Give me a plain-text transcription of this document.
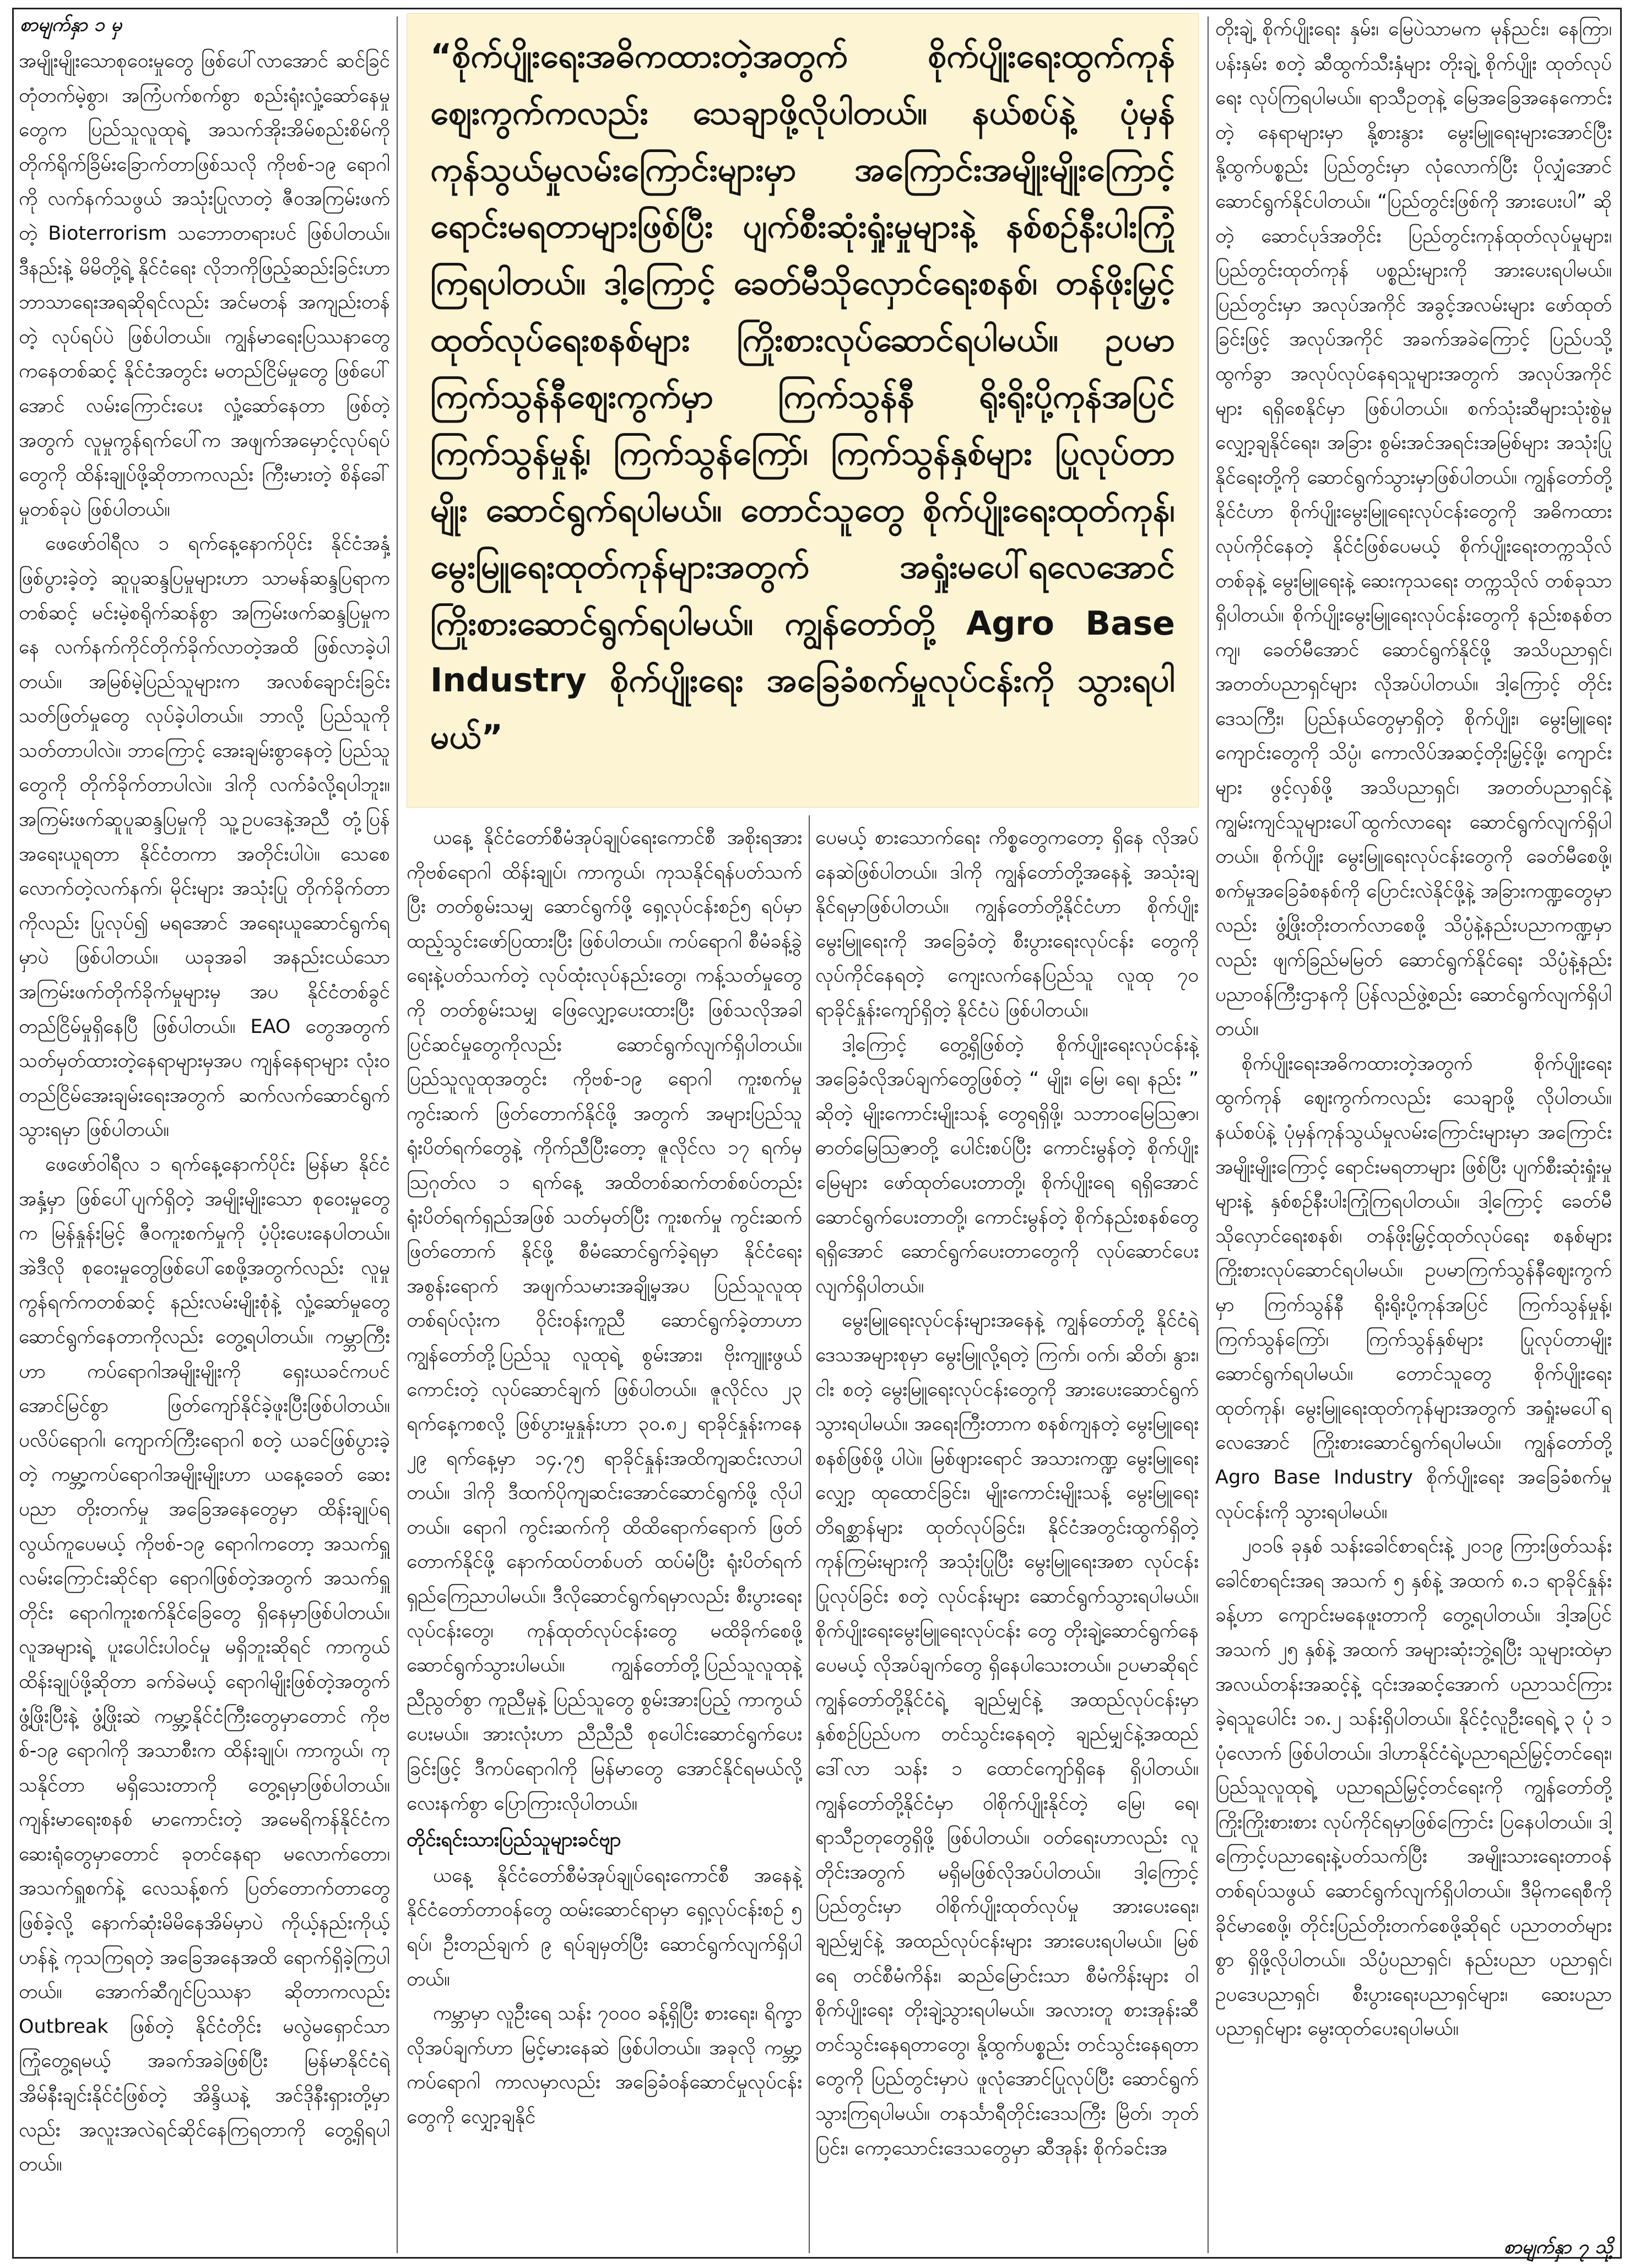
စာမျက်နှာ ၁ မှ

အမျိုးမျိုးသောစုဝေးမှုတွေ ဖြစ်ပေါ်လာအောင် ဆင်ခြင်တုံတက်မဲ့စွာ၊ အကြံပက်စက်စွာ စည်းရုံးလှုံ့ဆော်နေမှုတွေက ပြည်သူလူထုရဲ့ အသက်အိုးအိမ်စည်းစိမ်ကို တိုက်ရိုက်ခြိမ်းခြောက်တာဖြစ်သလို ကိုဗစ်-၁၉ ရောဂါကို လက်နက်သဖွယ် အသုံးပြုလာတဲ့ ဇီဝအကြမ်းဖက်တဲ့ Bioterrorism သဘောတရားပင် ဖြစ်ပါတယ်။ ဒီနည်းနဲ့ မိမိတို့ရဲ့ နိုင်ငံရေး လိုဘကိုဖြည့်ဆည်းခြင်းဟာ ဘာသာရေးအရဆိုရင်လည်း အင်မတန် အကျည်းတန်တဲ့ လုပ်ရပ်ပဲ ဖြစ်ပါတယ်။ ကျွန်မာရေးပြဿနာတွေ ကနေတစ်ဆင့် နိုင်ငံအတွင်း မတည်ငြိမ်မှုတွေ ဖြစ်ပေါ်အောင် လမ်းကြောင်းပေး လှုံ့ဆော်နေတာ ဖြစ်တဲ့အတွက် လူမှုကွန်ရက်ပေါ်က အဖျက်အမှောင့်လုပ်ရပ်တွေကို ထိန်းချုပ်ဖို့ဆိုတာကလည်း ကြီးမားတဲ့ စိန်ခေါ်မှုတစ်ခုပဲ ဖြစ်ပါတယ်။

ဖေဖော်ဝါရီလ ၁ ရက်နေ့နောက်ပိုင်း နိုင်ငံအနှံ့ ဖြစ်ပွားခဲ့တဲ့ ဆူပူဆန္ဒပြမှုများဟာ သာမန်ဆန္ဒပြရာကတစ်ဆင့် မင်းမဲ့စရိုက်ဆန်စွာ အကြမ်းဖက်ဆန္ဒပြမှုကနေ လက်နက်ကိုင်တိုက်ခိုက်လာတဲ့အထိ ဖြစ်လာခဲ့ပါတယ်။ အမြစ်မဲ့ပြည်သူများက အလစ်ချောင်းခြင်းသတ်ဖြတ်မှုတွေ လုပ်ခဲ့ပါတယ်။ ဘာလို့ ပြည်သူကို သတ်တာပါလဲ။ ဘာကြောင့် အေးချမ်းစွာနေတဲ့ ပြည်သူတွေကို တိုက်ခိုက်တာပါလဲ။ ဒါကို လက်ခံလို့ရပါဘူး။ အကြမ်းဖက်ဆူပူဆန္ဒပြမှုကို သူ့ဥပဒေနဲ့အညီ တုံ့ပြန်အရေးယူရတာ နိုင်ငံတကာ အတိုင်းပါပဲ။ သေစေလောက်တဲ့လက်နက်၊ မိုင်းများ အသုံးပြု တိုက်ခိုက်တာကိုလည်း ပြုလုပ်၍ မရအောင် အရေးယူဆောင်ရွက်ရမှာပဲ ဖြစ်ပါတယ်။ ယခုအခါ အနည်းငယ်သော အကြမ်းဖက်တိုက်ခိုက်မှုများမှ အပ နိုင်ငံတစ်ခွင် တည်ငြိမ်မှုရှိနေပြီ ဖြစ်ပါတယ်။ EAO တွေအတွက် သတ်မှတ်ထားတဲ့နေရာများမှအပ ကျန်နေရာများ လုံးဝတည်ငြိမ်အေးချမ်းရေးအတွက် ဆက်လက်ဆောင်ရွက်သွားရမှာ ဖြစ်ပါတယ်။

ဖေဖော်ဝါရီလ ၁ ရက်နေ့နောက်ပိုင်း မြန်မာ နိုင်ငံအနှံ့မှာ ဖြစ်ပေါ်ပျက်ရှိတဲ့ အမျိုးမျိုးသော စုဝေးမှုတွေက မြန်နှုန်းမြင့် ဇီဝကူးစက်မှုကို ပံ့ပိုးပေးနေပါတယ်။ အဲဒီလို စုဝေးမှုတွေဖြစ်ပေါ်စေဖို့အတွက်လည်း လူမှုကွန်ရက်ကတစ်ဆင့် နည်းလမ်းမျိုးစုံနဲ့ လှုံ့ဆော်မှုတွေ ဆောင်ရွက်နေတာကိုလည်း တွေ့ရပါတယ်။ ကမ္ဘာကြီးဟာ ကပ်ရောဂါအမျိုးမျိုးကို ရှေးယခင်ကပင် အောင်မြင်စွာ ဖြတ်ကျော်နိုင်ခဲ့ဖူးပြီးဖြစ်ပါတယ်။ ပလိပ်ရောဂါ၊ ကျောက်ကြီးရောဂါ စတဲ့ ယခင်ဖြစ်ပွားခဲ့တဲ့ ကမ္ဘာ့ကပ်ရောဂါအမျိုးမျိုးဟာ ယနေ့ခေတ် ဆေးပညာ တိုးတက်မှု အခြေအနေတွေမှာ ထိန်းချုပ်ရ လွယ်ကူပေမယ့် ကိုဗစ်-၁၉ ရောဂါကတော့ အသက်ရှူလမ်းကြောင်းဆိုင်ရာ ရောဂါဖြစ်တဲ့အတွက် အသက်ရှူတိုင်း ရောဂါကူးစက်နိုင်ခြေတွေ ရှိနေမှာဖြစ်ပါတယ်။ လူအများရဲ့ ပူးပေါင်းပါဝင်မှု မရှိဘူးဆိုရင် ကာကွယ်ထိန်းချုပ်ဖို့ဆိုတာ ခက်ခဲမယ့် ရောဂါမျိုးဖြစ်တဲ့အတွက် ဖွံ့ဖြိုးပြီးနဲ့ ဖွံ့ဖြိုးဆဲ ကမ္ဘာ့နိုင်ငံကြီးတွေမှာတောင် ကိုဗစ်-၁၉ ရောဂါကို အသာစီးက ထိန်းချုပ်၊ ကာကွယ်၊ ကုသနိုင်တာ မရှိသေးတာကို တွေ့ရမှာဖြစ်ပါတယ်။ ကျန်းမာရေးစနစ် မာကောင်းတဲ့ အမေရိကန်နိုင်ငံက ဆေးရုံတွေမှာတောင် ခုတင်နေရာ မလောက်တော၊ အသက်ရှူစက်နဲ့ လေသန့်စက် ပြတ်တောက်တာတွေ ဖြစ်ခဲ့လို့ နောက်ဆုံးမိမိနေအိမ်မှာပဲ ကိုယ့်နည်းကိုယ့်ဟန်နဲ့ ကုသကြရတဲ့ အခြေအနေအထိ ရောက်ရှိခဲ့ကြပါတယ်။ အောက်ဆီဂျင်ပြဿနာ ဆိုတာကလည်း Outbreak ဖြစ်တဲ့ နိုင်ငံတိုင်း မလွဲမရှောင်သာ ကြုံတွေ့ရမယ့် အခက်အခဲဖြစ်ပြီး မြန်မာနိုင်ငံရဲ့ အိမ်နီးချင်းနိုင်ငံဖြစ်တဲ့ အိန္ဒိယနဲ့ အင်ဒိုနီးရှားတို့မှာလည်း အလူးအလဲရင်ဆိုင်နေကြရတာကို တွေ့ရှိရပါတယ်။

“စိုက်ပျိုးရေးအဓိကထားတဲ့အတွက် စိုက်ပျိုးရေးထွက်ကုန် ဈေးကွက်ကလည်း သေချာဖို့လိုပါတယ်။ နယ်စပ်နဲ့ ပုံမှန်ကုန်သွယ်မှုလမ်းကြောင်းများမှာ အကြောင်းအမျိုးမျိုးကြောင့် ရောင်းမရတာများဖြစ်ပြီး ပျက်စီးဆုံးရှုံးမှုများနဲ့ နစ်စဉ်နီးပါးကြုံကြရပါတယ်။ ဒါ့ကြောင့် ခေတ်မီသိုလှောင်ရေးစနစ်၊ တန်ဖိုးမြှင့်ထုတ်လုပ်ရေးစနစ်များ ကြိုးစားလုပ်ဆောင်ရပါမယ်။ ဥပမာ ကြက်သွန်နီဈေးကွက်မှာ ကြက်သွန်နီ ရိုးရိုးပို့ကုန်အပြင် ကြက်သွန်မှုန့်၊ ကြက်သွန်ကြော်၊ ကြက်သွန်နှစ်များ ပြုလုပ်တာမျိုး ဆောင်ရွက်ရပါမယ်။ တောင်သူတွေ စိုက်ပျိုးရေးထုတ်ကုန်၊ မွေးမြူရေးထုတ်ကုန်များအတွက် အရှုံးမပေါ်ရလေအောင် ကြိုးစားဆောင်ရွက်ရပါမယ်။ ကျွန်တော်တို့ Agro Base Industry စိုက်ပျိုးရေး အခြေခံစက်မှုလုပ်ငန်းကို သွားရပါမယ်”

ယနေ့ နိုင်ငံတော်စီမံအုပ်ချုပ်ရေးကောင်စီ အစိုးရအား ကိုဗစ်ရောဂါ ထိန်းချုပ်၊ ကာကွယ်၊ ကုသနိုင်ရန်ပတ်သက်ပြီး တတ်စွမ်းသမျှ ဆောင်ရွက်ဖို့ ရှေ့လုပ်ငန်းစဉ်၅ ရပ်မှာ ထည့်သွင်းဖော်ပြထားပြီး ဖြစ်ပါတယ်။ ကပ်ရောဂါ စီမံခန့်ခွဲရေးနဲ့ပတ်သက်တဲ့ လုပ်ထုံးလုပ်နည်းတွေ၊ ကန့်သတ်မှုတွေကို တတ်စွမ်းသမျှ ဖြေလျှော့ပေးထားပြီး ဖြစ်သလိုအခါ ပြင်ဆင်မှုတွေကိုလည်း ဆောင်ရွက်လျက်ရှိပါတယ်။ ပြည်သူလူထုအတွင်း ကိုဗစ်-၁၉ ရောဂါ ကူးစက်မှုကွင်းဆက် ဖြတ်တောက်နိုင်ဖို့ အတွက် အများပြည်သူ ရုံးပိတ်ရက်တွေနဲ့ ကိုက်ညီပြီးတော့ ဇူလိုင်လ ၁၇ ရက်မှ ဩဂုတ်လ ၁ ရက်နေ့ အထိတစ်ဆက်တစ်စပ်တည်း ရုံးပိတ်ရက်ရှည်အဖြစ် သတ်မှတ်ပြီး ကူးစက်မှု ကွင်းဆက်ဖြတ်တောက် နိုင်ဖို့ စီမံဆောင်ရွက်ခဲ့ရမှာ နိုင်ငံရေးအစွန်းရောက် အဖျက်သမားအချို့မှအပ ပြည်သူလူထုတစ်ရပ်လုံးက ဝိုင်းဝန်းကူညီ ဆောင်ရွက်ခဲ့တာဟာ ကျွန်တော်တို့ပြည်သူ လူထုရဲ့ စွမ်းအား၊ ဗိုးကျူးဖွယ်ကောင်းတဲ့ လုပ်ဆောင်ချက် ဖြစ်ပါတယ်။ ဇူလိုင်လ ၂၃ ရက်နေ့ကစလို့ ဖြစ်ပွားမှုနှုန်းဟာ ၃၀.၈၂ ရာခိုင်နှုန်းကနေ ၂၉ ရက်နေ့မှာ ၁၄.၇၅ ရာခိုင်နှုန်းအထိကျဆင်းလာပါတယ်။ ဒါကို ဒီထက်ပိုကျဆင်းအောင်ဆောင်ရွက်ဖို့ လိုပါတယ်။ ရောဂါ ကွင်းဆက်ကို ထိထိရောက်ရောက် ဖြတ်တောက်နိုင်ဖို့ နောက်ထပ်တစ်ပတ် ထပ်မံပြီး ရုံးပိတ်ရက်ရှည်ကြေညာပါမယ်။ ဒီလိုဆောင်ရွက်ရမှာလည်း စီးပွားရေးလုပ်ငန်းတွေ၊ ကုန်ထုတ်လုပ်ငန်းတွေ မထိခိုက်စေဖို့ ဆောင်ရွက်သွားပါမယ်။ ကျွန်တော်တို့ပြည်သူလူထုနဲ့ ညီညွတ်စွာ ကူညီမှုနဲ့ ပြည်သူတွေ စွမ်းအားပြည့် ကာကွယ်ပေးမယ်။ အားလုံးဟာ ညီညီညီ စုပေါင်းဆောင်ရွက်ပေးခြင်းဖြင့် ဒီကပ်ရောဂါကို မြန်မာတွေ အောင်နိုင်ရမယ်လို့ လေးနက်စွာ ပြောကြားလိုပါတယ်။

တိုင်းရင်းသားပြည်သူများခင်ဗျာ

ယနေ့ နိုင်ငံတော်စီမံအုပ်ချုပ်ရေးကောင်စီ အနေနဲ့ နိုင်ငံတော်တာဝန်တွေ ထမ်းဆောင်ရာမှာ ရှေ့လုပ်ငန်းစဉ် ၅ ရပ်၊ ဦးတည်ချက် ၉ ရပ်ချမှတ်ပြီး ဆောင်ရွက်လျက်ရှိပါတယ်။

ကမ္ဘာမှာ လူဦးရေ သန်း ၇၀၀၀ ခန့်ရှိပြီး စားရေး၊ ရိက္ခာလိုအပ်ချက်ဟာ မြင့်မားနေဆဲ ဖြစ်ပါတယ်။ အခုလို ကမ္ဘာ့ကပ်ရောဂါ ကာလမှာလည်း အခြေခံဝန်ဆောင်မှုလုပ်ငန်းတွေကို လျှော့ချနိုင်

ပေမယ့် စားသောက်ရေး ကိစ္စတွေကတော့ ရှိနေ လိုအပ်နေဆဲဖြစ်ပါတယ်။ ဒါကို ကျွန်တော်တို့အနေနဲ့ အသုံးချနိုင်ရမှာဖြစ်ပါတယ်။ ကျွန်တော်တို့နိုင်ငံဟာ စိုက်ပျိုးမွေးမြူရေးကို အခြေခံတဲ့ စီးပွားရေးလုပ်ငန်း တွေကို လုပ်ကိုင်နေရတဲ့ ကျေးလက်နေပြည်သူ လူထု ၇၀ ရာခိုင်နှုန်းကျော်ရှိတဲ့ နိုင်ငံပဲ ဖြစ်ပါတယ်။

ဒါ့ကြောင့် တွေ့ရှိဖြစ်တဲ့ စိုက်ပျိုးရေးလုပ်ငန်းနဲ့ အခြေခံလိုအပ်ချက်တွေဖြစ်တဲ့ “ မျိုး၊ မြေ၊ ရေ၊ နည်း ” ဆိုတဲ့ မျိုးကောင်းမျိုးသန့် တွေရရှိဖို့၊ သဘာဝမြေဩဇာ၊ ဓာတ်မြေဩဇာတို့ ပေါင်းစပ်ပြီး ကောင်းမွန်တဲ့ စိုက်ပျိုးမြေများ ဖော်ထုတ်ပေးတာတို့၊ စိုက်ပျိုးရေ ရရှိအောင် ဆောင်ရွက်ပေးတာတို့၊ ကောင်းမွန်တဲ့ စိုက်နည်းစနစ်တွေ ရရှိအောင် ဆောင်ရွက်ပေးတာတွေကို လုပ်ဆောင်ပေးလျက်ရှိပါတယ်။

မွေးမြူရေးလုပ်ငန်းများအနေနဲ့ ကျွန်တော်တို့ နိုင်ငံရဲ့ဒေသအများစုမှာ မွေးမြူလို့ရတဲ့ ကြက်၊ ဝက်၊ ဆိတ်၊ နွား၊ ငါး စတဲ့ မွေးမြူရေးလုပ်ငန်းတွေကို အားပေးဆောင်ရွက်သွားရပါမယ်။ အရေးကြီးတာက စနစ်ကျနတဲ့ မွေးမြူရေးစနစ်ဖြစ်ဖို့ ပါပဲ။ မြစ်ဖျားရောင် အသားကဏ္ဍ မွေးမြူရေးလျှော့ ထုထောင်ခြင်း၊ မျိုးကောင်းမျိုးသန့် မွေးမြူရေး တိရစ္ဆာန်များ ထုတ်လုပ်ခြင်း၊ နိုင်ငံအတွင်းထွက်ရှိတဲ့ ကုန်ကြမ်းများကို အသုံးပြုပြီး မွေးမြူရေးအစာ လုပ်ငန်းပြုလုပ်ခြင်း စတဲ့ လုပ်ငန်းများ ဆောင်ရွက်သွားရပါမယ်။ စိုက်ပျိုးရေးမွေးမြူရေးလုပ်ငန်း တွေ တိုးချဲ့ဆောင်ရွက်နေပေမယ့် လိုအပ်ချက်တွေ ရှိနေပါသေးတယ်။ ဥပမာဆိုရင် ကျွန်တော်တို့နိုင်ငံရဲ့ ချည်မျှင်နဲ့ အထည်လုပ်ငန်းမှာ နှစ်စဉ်ပြည်ပက တင်သွင်းနေရတဲ့ ချည်မျှင်နဲ့အထည် ဒေါ်လာ သန်း ၁ ထောင်ကျော်ရှိနေ ရှိပါတယ်။ ကျွန်တော်တို့နိုင်ငံမှာ ဝါစိုက်ပျိုးနိုင်တဲ့ မြေ၊ ရေ၊ ရာသီဥတုတွေရှိဖို့ ဖြစ်ပါတယ်။ ဝတ်ရေးဟာလည်း လူတိုင်းအတွက် မရှိမဖြစ်လိုအပ်ပါတယ်။ ဒါ့ကြောင့် ပြည်တွင်းမှာ ဝါစိုက်ပျိုးထုတ်လုပ်မှု အားပေးရေး၊ ချည်မျှင်နဲ့ အထည်လုပ်ငန်းများ အားပေးရပါမယ်။ မြစ်ရေ တင်စီမံကိန်း၊ ဆည်မြောင်းသာ စီမံကိန်းများ ဝါစိုက်ပျိုးရေး တိုးချဲ့သွားရပါမယ်။ အလားတူ စားအုန်းဆီ တင်သွင်းနေရတာတွေ၊ နို့ထွက်ပစ္စည်း တင်သွင်းနေရတာတွေကို ပြည်တွင်းမှာပဲ ဖူလုံအောင်ပြုလုပ်ပြီး ဆောင်ရွက်သွားကြရပါမယ်။ တနင်္သာရီတိုင်းဒေသကြီး မြိတ်၊ ဘုတ်ပြင်း၊ ကော့သောင်းဒေသတွေမှာ ဆီအုန်း စိုက်ခင်းအ

တိုးချဲ့ စိုက်ပျိုးရေး နှမ်း၊ မြေပဲသာမက မုန်ညင်း၊ နေကြာ၊ ပန်းနှမ်း စတဲ့ ဆီထွက်သီးနှံများ တိုးချဲ့ စိုက်ပျိုး ထုတ်လုပ်ရေး လုပ်ကြရပါမယ်။ ရာသီဥတုနဲ့ မြေအခြေအနေကောင်းတဲ့ နေရာများမှာ နို့စားနွား မွေးမြူရေးများအောင်ပြီး နို့ထွက်ပစ္စည်း ပြည်တွင်းမှာ လုံလောက်ပြီး ပိုလျှံအောင် ဆောင်ရွက်နိုင်ပါတယ်။ “ပြည်တွင်းဖြစ်ကို အားပေးပါ” ဆိုတဲ့ ဆောင်ပုဒ်အတိုင်း ပြည်တွင်းကုန်ထုတ်လုပ်မှုများ၊ ပြည်တွင်းထုတ်ကုန် ပစ္စည်းများကို အားပေးရပါမယ်။ ပြည်တွင်းမှာ အလုပ်အကိုင် အခွင့်အလမ်းများ ဖော်ထုတ်ခြင်းဖြင့် အလုပ်အကိုင် အခက်အခဲကြောင့် ပြည်ပသို့ ထွက်ခွာ အလုပ်လုပ်နေရသူများအတွက် အလုပ်အကိုင်များ ရရှိစေနိုင်မှာ ဖြစ်ပါတယ်။ စက်သုံးဆီများသုံးစွဲမှု လျှော့ချနိုင်ရေး၊ အခြား စွမ်းအင်အရင်းအမြစ်များ အသုံးပြုနိုင်ရေးတို့ကို ဆောင်ရွက်သွားမှာဖြစ်ပါတယ်။ ကျွန်တော်တို့နိုင်ငံဟာ စိုက်ပျိုးမွေးမြူရေးလုပ်ငန်းတွေကို အဓိကထားလုပ်ကိုင်နေတဲ့ နိုင်ငံဖြစ်ပေမယ့် စိုက်ပျိုးရေးတက္ကသိုလ် တစ်ခုနဲ့ မွေးမြူရေးနဲ့ ဆေးကုသရေး တက္ကသိုလ် တစ်ခုသာ ရှိပါတယ်။ စိုက်ပျိုးမွေးမြူရေးလုပ်ငန်းတွေကို နည်းစနစ်တကျ၊ ခေတ်မီအောင် ဆောင်ရွက်နိုင်ဖို့ အသိပညာရှင်၊ အတတ်ပညာရှင်များ လိုအပ်ပါတယ်။ ဒါ့ကြောင့် တိုင်းဒေသကြီး၊ ပြည်နယ်တွေမှာရှိတဲ့ စိုက်ပျိုး၊ မွေးမြူရေးကျောင်းတွေကို သိပ္ပံ၊ ကောလိပ်အဆင့်တိုးမြှင့်ဖို့၊ ကျောင်းများ ဖွင့်လှစ်ဖို့ အသိပညာရှင်၊ အတတ်ပညာရှင်နဲ့ ကျွမ်းကျင်သူများပေါ်ထွက်လာရေး ဆောင်ရွက်လျက်ရှိပါတယ်။ စိုက်ပျိုး မွေးမြူရေးလုပ်ငန်းတွေကို ခေတ်မီစေဖို့၊ စက်မှုအခြေခံစနစ်ကို ပြောင်းလဲနိုင်ဖို့နဲ့ အခြားကဏ္ဍတွေမှာလည်း ဖွံ့ဖြိုးတိုးတက်လာစေဖို့ သိပ္ပံနဲ့နည်းပညာကဏ္ဍမှာလည်း ဖျက်ခြည်မမြတ် ဆောင်ရွက်နိုင်ရေး သိပ္ပံနဲ့နည်းပညာဝန်ကြီးဌာနကို ပြန်လည်ဖွဲ့စည်း ဆောင်ရွက်လျက်ရှိပါတယ်။

စိုက်ပျိုးရေးအဓိကထားတဲ့အတွက် စိုက်ပျိုးရေး ထွက်ကုန် ဈေးကွက်ကလည်း သေချာဖို့ လိုပါတယ်။ နယ်စပ်နဲ့ ပုံမှန်ကုန်သွယ်မှုလမ်းကြောင်းများမှာ အကြောင်းအမျိုးမျိုးကြောင့် ရောင်းမရတာများ ဖြစ်ပြီး ပျက်စီးဆုံးရှုံးမှုများနဲ့ နှစ်စဉ်နီးပါးကြုံကြရပါတယ်။ ဒါ့ကြောင့် ခေတ်မီသိုလှောင်ရေးစနစ်၊ တန်ဖိုးမြှင့်ထုတ်လုပ်ရေး စနစ်များ ကြိုးစားလုပ်ဆောင်ရပါမယ်။ ဥပမာကြက်သွန်နီဈေးကွက်မှာ ကြက်သွန်နီ ရိုးရိုးပို့ကုန်အပြင် ကြက်သွန်မှုန့်၊ ကြက်သွန်ကြော်၊ ကြက်သွန်နှစ်များ ပြုလုပ်တာမျိုး ဆောင်ရွက်ရပါမယ်။ တောင်သူတွေ စိုက်ပျိုးရေး ထုတ်ကုန်၊ မွေးမြူရေးထုတ်ကုန်များအတွက် အရှုံးမပေါ်ရလေအောင် ကြိုးစားဆောင်ရွက်ရပါမယ်။ ကျွန်တော်တို့ Agro Base Industry စိုက်ပျိုးရေး အခြေခံစက်မှုလုပ်ငန်းကို သွားရပါမယ်။

၂၀၁၆ ခုနှစ် သန်းခေါင်စာရင်းနဲ့ ၂၀၁၉ ကြားဖြတ်သန်းခေါင်စာရင်းအရ အသက် ၅ နှစ်နဲ့ အထက် ၈.၁ ရာခိုင်နှုန်းခန့်ဟာ ကျောင်းမနေဖူးတာကို တွေ့ရပါတယ်။ ဒါ့အပြင် အသက် ၂၅ နှစ်နဲ့ အထက် အများဆုံးဘွဲ့ရပြီး သူများထဲမှာ အလယ်တန်းအဆင့်နဲ့ ၎င်းအဆင့်အောက် ပညာသင်ကြားခဲ့ရသူပေါင်း ၁၈.၂ သန်းရှိပါတယ်။ နိုင်ငံ့လူဦးရေရဲ့ ၃ ပုံ ၁ ပုံလောက် ဖြစ်ပါတယ်။ ဒါဟာနိုင်ငံရဲ့ပညာရည်မြှင့်တင်ရေး၊ ပြည်သူလူထုရဲ့ ပညာရည်မြှင့်တင်ရေးကို ကျွန်တော်တို့ ကြိုးကြိုးစားစား လုပ်ကိုင်ရမှာဖြစ်ကြောင်း ပြနေပါတယ်။ ဒါ့ကြောင့်ပညာရေးနဲ့ပတ်သက်ပြီး အမျိုးသားရေးတာဝန်တစ်ရပ်သဖွယ် ဆောင်ရွက်လျက်ရှိပါတယ်။ ဒီမိုကရေစီကို ခိုင်မာစေဖို့၊ တိုင်းပြည်တိုးတက်စေဖို့ဆိုရင် ပညာတတ်များစွာ ရှိဖို့လိုပါတယ်။ သိပ္ပံပညာရှင်၊ နည်းပညာ ပညာရှင်၊ ဥပဒေပညာရှင်၊ စီးပွားရေးပညာရှင်များ၊ ဆေးပညာ ပညာရှင်များ မွေးထုတ်ပေးရပါမယ်။

စာမျက်နှာ ၇ သို့
